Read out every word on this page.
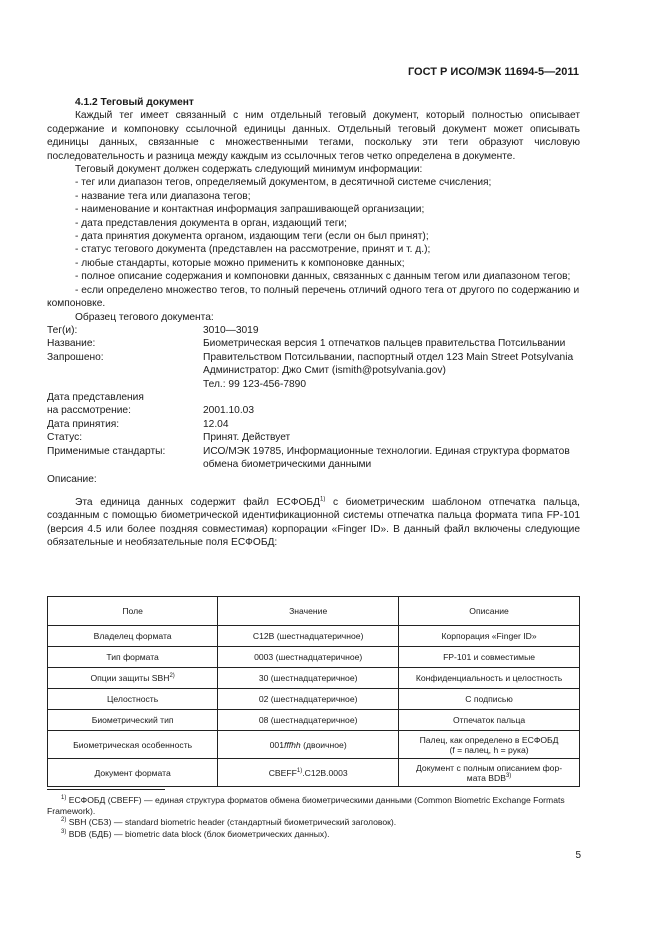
ГОСТ Р ИСО/МЭК 11694-5—2011
4.1.2 Теговый документ

Каждый тег имеет связанный с ним отдельный теговый документ, который полностью описывает содержание и компоновку ссылочной единицы данных. Отдельный теговый документ может описывать единицы данных, связанные с множественными тегами, поскольку эти теги образуют числовую последовательность и разница между каждым из ссылочных тегов четко определена в документе.

Теговый документ должен содержать следующий минимум информации:

- тег или диапазон тегов, определяемый документом, в десятичной системе счисления;

- название тега или диапазона тегов;

- наименование и контактная информация запрашивающей организации;

- дата представления документа в орган, издающий теги;

- дата принятия документа органом, издающим теги (если он был принят);

- статус тегового документа (представлен на рассмотрение, принят и т. д.);

- любые стандарты, которые можно применить к компоновке данных;

- полное описание содержания и компоновки данных, связанных с данным тегом или диапазоном тегов;

- если определено множество тегов, то полный перечень отличий одного тега от другого по содержанию и компоновке.

Образец тегового документа:

Тег(и):	3010—3019
Название:	Биометрическая версия 1 отпечатков пальцев правительства Потсильвании
Запрошено:	Правительством Потсильвании, паспортный отдел 123 Main Street Potsylvania
Администратор: Джо Смит (ismith@potsylvania.gov)
Тел.: 99 123-456-7890
Дата представления
на рассмотрение:	2001.10.03
Дата принятия:	12.04
Статус:	Принят. Действует
Применимые стандарты:	ИСО/МЭК 19785, Информационные технологии. Единая структура форматов обмена биометрическими данными

Описание:

Эта единица данных содержит файл ЕСФОБД$^{1)}$ с биометрическим шаблоном отпечатка пальца, созданным с помощью биометрической идентификационной системы отпечатка пальца формата типа FP-101 (версия 4.5 или более поздняя совместимая) корпорации «Finger ID». В данный файл включены следующие обязательные и необязательные поля ЕСФОБД:

Поле	Значение	Описание
Владелец формата	C12B (шестнадцатеричное)	Корпорация «Finger ID»
Тип формата	0003 (шестнадцатеричное)	FP-101 и совместимые
Опции защиты SBH$^{2)}$	30 (шестнадцатеричное)	Конфиденциальность и целостность
Целостность	02 (шестнадцатеричное)	С подписью
Биометрический тип	08 (шестнадцатеричное)	Отпечаток пальца
Биометрическая особенность	001fffhh (двоичное)	Палец, как определено в ЕСФОБД
(f = палец, h = рука)

Документ формата	CBEFF$^{1)}$.C12B.0003	Документ с полным описанием фор-
мата BDB$^{3)}$

$^{1)}$ ЕСФОБД (CBEFF) — единая структура форматов обмена биометрическими данными (Common Biometric Exchange Formats Framework).

$^{2)}$ SBH (СБЗ) — standard biometric header (стандартный биометрический заголовок).

$^{3)}$ BDB (БДБ) — biometric data block (блок биометрических данных).

5
